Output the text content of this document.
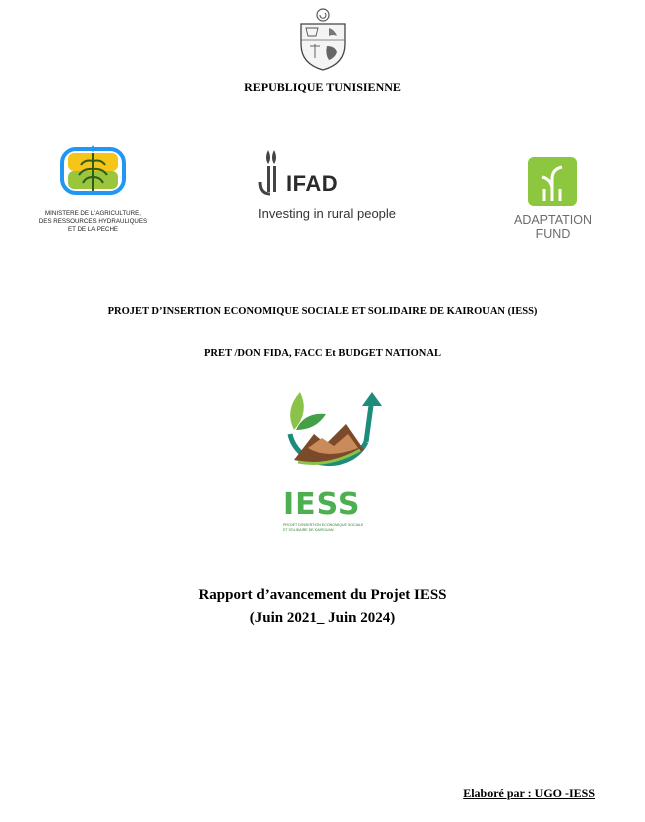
REPUBLIQUE TUNISIENNE
MINISTERE DE L'AGRICULTURE,
DES RESSOURCES HYDRAULIQUES
ET DE LA PECHE
IFAD
Investing in rural people	ADAPTATION FUND
PROJET D’INSERTION ECONOMIQUE SOCIALE ET SOLIDAIRE DE KAIROUAN (IESS)
PRET /DON FIDA, FACC Et BUDGET NATIONAL
IESS
PROJET D'INSERTION ECONOMIQUE SOCIALE ET SOLIDAIRE DE KAIROUAN
Rapport d’avancement du Projet IESS
(Juin 2021_ Juin 2024)
Elaboré par : UGO -IESS
